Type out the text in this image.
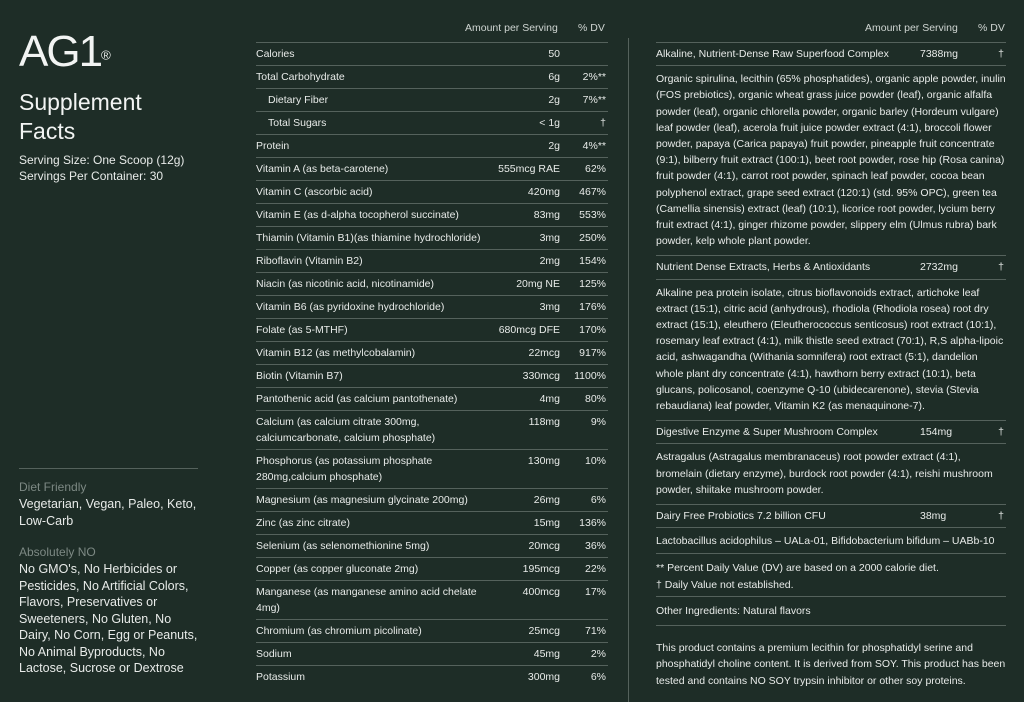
AG1®
Supplement Facts
Serving Size: One Scoop (12g)
Servings Per Container: 30
Diet Friendly
Vegetarian, Vegan, Paleo, Keto, Low-Carb
Absolutely NO
No GMO's, No Herbicides or Pesticides, No Artificial Colors, Flavors, Preservatives or Sweeteners, No Gluten, No Dairy, No Corn, Egg or Peanuts, No Animal Byproducts, No Lactose, Sucrose or Dextrose
Amount per Serving % DV
Calories	50
Total Carbohydrate	6g	2%**
Dietary Fiber	2g	7%**
Total Sugars	< 1g	†
Protein	2g	4%**
Vitamin A (as beta-carotene)	555mcg RAE	62%
Vitamin C (ascorbic acid)	420mg	467%
Vitamin E (as d-alpha tocopherol succinate)	83mg	553%
Thiamin (Vitamin B1)(as thiamine hydrochloride)	3mg	250%
Riboflavin (Vitamin B2)	2mg	154%
Niacin (as nicotinic acid, nicotinamide)	20mg NE	125%
Vitamin B6 (as pyridoxine hydrochloride)	3mg	176%
Folate (as 5-MTHF)	680mcg DFE	170%
Vitamin B12 (as methylcobalamin)	22mcg	917%
Biotin (Vitamin B7)	330mcg	1100%
Pantothenic acid (as calcium pantothenate)	4mg	80%
Calcium (as calcium citrate 300mg, calciumcarbonate, calcium phosphate)
118mg	9%
Phosphorus (as potassium phosphate 280mg,calcium phosphate)
130mg	10%
Magnesium (as magnesium glycinate 200mg)	26mg	6%
Zinc (as zinc citrate)	15mg	136%
Selenium (as selenomethionine 5mg)	20mcg	36%
Copper (as copper gluconate 2mg)	195mcg	22%
Manganese (as manganese amino acid chelate 4mg)
400mcg	17%
Chromium (as chromium picolinate)	25mcg	71%
Sodium	45mg	2%
Potassium	300mg	6%
Amount per Serving % DV
Alkaline, Nutrient-Dense Raw Superfood Complex	7388mg	†
Organic spirulina, lecithin (65% phosphatides), organic apple powder, inulin (FOS prebiotics), organic wheat grass juice powder (leaf), organic alfalfa powder (leaf), organic chlorella powder, organic barley (Hordeum vulgare) leaf powder (leaf), acerola fruit juice powder extract (4:1), broccoli flower powder, papaya (Carica papaya) fruit powder, pineapple fruit concentrate (9:1), bilberry fruit extract (100:1), beet root powder, rose hip (Rosa canina) fruit powder (4:1), carrot root powder, spinach leaf powder, cocoa bean polyphenol extract, grape seed extract (120:1) (std. 95% OPC), green tea (Camellia sinensis) extract (leaf) (10:1), licorice root powder, lycium berry fruit extract (4:1), ginger rhizome powder, slippery elm (Ulmus rubra) bark powder, kelp whole plant powder.
Nutrient Dense Extracts, Herbs & Antioxidants	2732mg	†
Alkaline pea protein isolate, citrus bioflavonoids extract, artichoke leaf extract (15:1), citric acid (anhydrous), rhodiola (Rhodiola rosea) root dry extract (15:1), eleuthero (Eleutherococcus senticosus) root extract (10:1), rosemary leaf extract (4:1), milk thistle seed extract (70:1), R,S alpha-lipoic acid, ashwagandha (Withania somnifera) root extract (5:1), dandelion whole plant dry concentrate (4:1), hawthorn berry extract (10:1), beta glucans, policosanol, coenzyme Q-10 (ubidecarenone), stevia (Stevia rebaudiana) leaf powder, Vitamin K2 (as menaquinone-7).
Digestive Enzyme & Super Mushroom Complex	154mg	†
Astragalus (Astragalus membranaceus) root powder extract (4:1), bromelain (dietary enzyme), burdock root powder (4:1), reishi mushroom powder, shiitake mushroom powder.
Dairy Free Probiotics 7.2 billion CFU	38mg	†
Lactobacillus acidophilus – UALa-01, Bifidobacterium bifidum – UABb-10
** Percent Daily Value (DV) are based on a 2000 calorie diet.
† Daily Value not established.
Other Ingredients: Natural flavors
This product contains a premium lecithin for phosphatidyl serine and phosphatidyl choline content. It is derived from SOY. This product has been tested and contains NO SOY trypsin inhibitor or other soy proteins.
